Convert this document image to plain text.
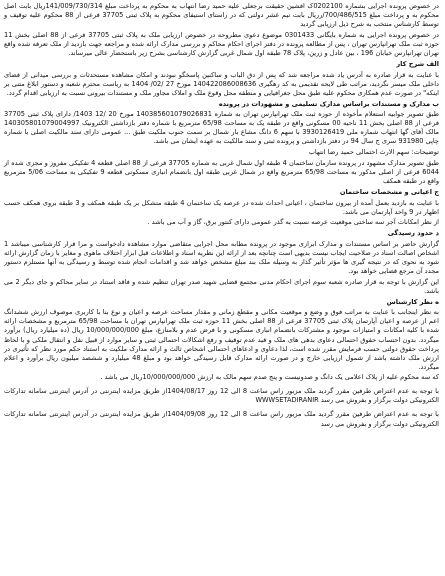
در خصوص پرونده اجرایی بشماره 0202100ک افشین حقیقت برجعلی علیه حمید رضا انتهاب به محکوم به پرداخت مبلغ 141/009/730/314ریال بابت اصل محکوم به و پرداخت مبلغ 700/486/515/رریال بابت نیم عشر دولتی که در راستای استیفای محکوم به پلاک ثبتی 37705 فرعی از 88 محکوم علیه توقیف و توسط کارشناس منتخب به شرح ذیل ارزیابی گردید

در خصوص پرونده اجرایی به شماره بایگانی 0301433 موضوع دعوی مطروحه در خصوص ارزیابی ملک به پلاک ثبتی 37705 فرعی از 88 اصلی بخش 11 حوزه ثبت ملک تهرانپارس تهران ، پس از مطالعه پرونده در دفتر اجرای احکام محاکم و بررسی مدارک ارائه شده و مراجعه جهت بازدید از ملک تعرفه شده واقع تهران تهرانپارس خیابان 196 ، بین عادل و زرین، پلاک 78 طبقه اول شمال غربی گزارش کارشناسی بشرح زیر باستحضار عالی میرساند.

الف شرح کار

با عنایت به قرار صادره به آدرس یاد شده مراجعه شد که پس از دق الباب و ساکنین پاسخگو نبودند و امکان مشاهده مستحدثات و بررسی میدانی از فضای داخلی ملک میسر نگردید، مراتب طی لایحه تقدیمی به کد رهگیری 140422086008636 مورخ 27 /02/ 1404 به ریاست محترم شعبه و دستور ابلاغ متنی بر اینکه" در صورت عدم همکاری محکوم علیه طبق محل جغرافیایی و منطقه محل وقوع ملک و املاک مجاور ملک و مستندات بیرونی نسبت به ارزیابی اقدام گردد.

ب مدارک و مستندات براساس مدارک تسلیمی و مشهودات در پرونده

طبق تصویر جوابیه استعلام مأخوذه از حوزه ثبت ملک تهرانپارس تهران به شماره 140385601079026831 مورخ 20 /12 1403/ دارای پلاک ثبتی 37705 فرعی از 88 اصلی بخش 11 ناحیه 00 مسکونی واقع در طبقه یک به مساحت 65/98 مترمربع با شماره دفتر بازداشتی الکترونیک 140305801079004997 مالک آقای گها انتهاب شماره ملی 3930126419 با سهم 6 دانگ مشاع بار شمال بر سمت جنوب ملکیت طبق ... عمومی دارای سند مالکیت اصلی با شماره چاپی 931980 سری ج سال 94 در دفتر بازداشتی و پرونده ثبتی و سند مالکیت به عهده ایشان می باشد.

توضیحات: سهم الارث احتمالی حمید رضا انتهاب

طبق تصویر مدارک مشهود در پرونده سازمان ساختمان 4 طبقه اول شمال غربی به شماره 37705 فرعی از 88 اصلی قطعه 4 تفکیکی مفروز و مجزی شده از 6044 فرعی از اصلی مذکور به مساحت 65/98 مترمربع واقع در شمال غربی طبقه اول بانضمام انباری مسکونی قطعه 9 تفکیکی به مساحت 5/06 مترمربع واقع در طبقه همکف

ج اعیانی و مشخصات ساختمان

با عنایت به بازدید بعمل آمده از بیرون ساختمان ، اعیانی احداث شده در عرصه یک ساختمان 4 طبقه متشکل بر یک طبقه همکف و 3 طبقه بروی همکف حسب اظهار در 9 واحد آپارتمان می باشد.

از نظر امکانات آجر سه ساختی موقعیت عرصه نسبت به گذر عمومی دارای کنتور برق، گاز و آب می باشد .

د حدود رسیدگی

گزارش حاضر بر اساس مستندات و مدارک ابرازی موجود در پرونده مطابه محل اجرایی متقاضی موارد مشاهده دادخواست و مرا قرار کارشناسی میباشد 1 اشخاص اصالت اسناد در صلاحیت ایجاب نیست بدیهی است چنانچه بعد از ارائه این نظریه اسناد و اطلاعات قبل ابزار اختلاف ماهوی و مغایر با زمان گزارش ارائه شود به نحوی که در نتیجه گیری ها مؤثر تأثیر گذار به وسیله ملک بند مبلغ مشخص خواهد شد و اقدامات انجام شده توسط و رسیدگی به آنها مستلزم دستور مجدد آن مرجع قضایی خواهد بود.

این گزارش با توجه به قرار صادره شعبه سوم اجرای احکام مدنی مجتمع قضایی شهید صدر تهران تنظیم شده و فاقد استناد در سایر محاکم و جای دیگر 2 می باشد.

ه نظر کارشناس

به نظر اینجانب با عنایت به مراتب فوق و وضع و موقعیت مکانی و مقطع زمانی و مقدار مساحت عرصه و اعیان و نوع بنا با کاربری موصوف ارزش ششدانگ اعم از عرصه و اعیان آپارتمان پلاک ثبتی 37705 فرعی از 88 اصلی بخش 11 حوزه ثبت ملک تهرانپارس تهران با مساحت 65/98 مترمربع و مشخصات ارائه شده با کلیه امکانات و امتیازات موجود و مشترکات بانضمام انباری مسکونی و با فرض عدم و بلامنازع، مبلغ 10/000/000/000 ریال (ده میلیارد ریال) برآورد میگردد. بدون احتساب حقوق احتمالی دعاوی بدهی های ملک و قید عدم توقیف و رفع اشکالات احتمالی ثبتی و سایر موارد از قبیل نقل و انتقال ملکی و با لحاظ پرداخت حقوق دولتی حسب فرمایش مقرر شده است، لذا دعاوی و ادعاهای احتمالی اشخاص ثالث و ارائه مدارک ملکیت به استناد حکم مورد نظر که تأثیری در ارزش ملک داشته باشد از شمول ارزیابی خارج و در صورت ارائه مدارک قابل رسیدگی خواهد بود و مبلغ 48 میلیارد و ششصد میلیون ریال برآورد و اعلام میگردد.

که سه محکوم علیه از پلاک اعلامی یک دانگ و صدونیست و پنج صدم سهم مالک به ارزش 10/000/000/000ریال می باشد .

با توجه به عدم اعتراض طرفین مقرر گردید ملک مزبور راس ساعت 8 الی 12 روز 1404/08/17از طریق مزایده اینترنتی در آدرس اینترنتی سامانه تدارکات الکترونیکی دولت برگزار و بفروش می رسد WWWSETADIRANIR

با توجه به عدم اعتراض طرفین مقرر گردید ملک مزبور راس ساعت 8 الی 12 روز 1404/09/08از طریق مزایده اینترنتی در آدرس اینترنتی سامانه تدارکات الکترونیکی دولت برگزار و بفروش می رسد
